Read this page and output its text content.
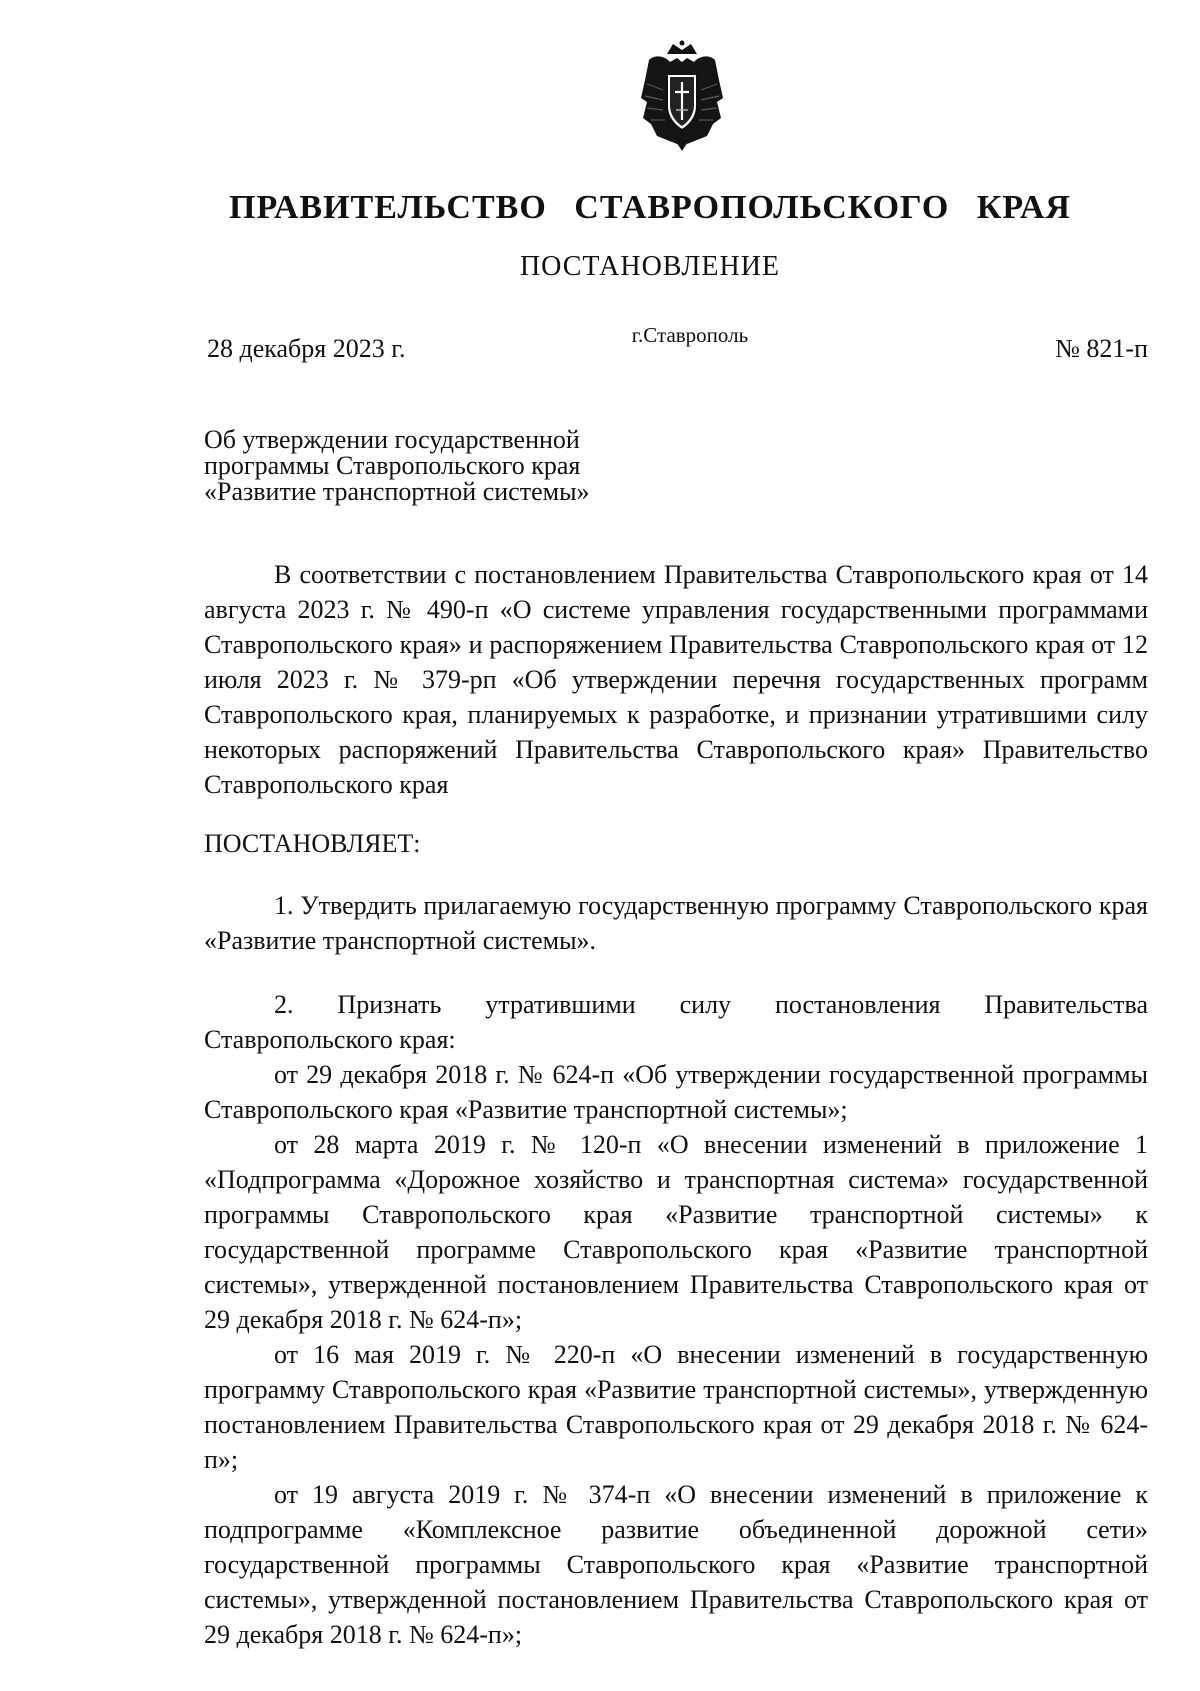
ПРАВИТЕЛЬСТВО СТАВРОПОЛЬСКОГО КРАЯ
ПОСТАНОВЛЕНИЕ
28 декабря 2023 г.	г.Ставрополь	№ 821-п
Об утверждении государственной
программы Ставропольского края
«Развитие транспортной системы»

В соответствии с постановлением Правительства Ставропольского края от 14 августа 2023 г. № 490-п «О системе управления государственными программами Ставропольского края» и распоряжением Правительства Ставропольского края от 12 июля 2023 г. № 379-рп «Об утверждении перечня государственных программ Ставропольского края, планируемых к разработке, и признании утратившими силу некоторых распоряжений Правительства Ставропольского края» Правительство Ставропольского края

ПОСТАНОВЛЯЕТ:

1. Утвердить прилагаемую государственную программу Ставропольского края «Развитие транспортной системы».

2. Признать утратившими силу постановления Правительства Ставропольского края:

от 29 декабря 2018 г. № 624-п «Об утверждении государственной программы Ставропольского края «Развитие транспортной системы»;

от 28 марта 2019 г. № 120-п «О внесении изменений в приложение 1 «Подпрограмма «Дорожное хозяйство и транспортная система» государственной программы Ставропольского края «Развитие транспортной системы» к государственной программе Ставропольского края «Развитие транспортной системы», утвержденной постановлением Правительства Ставропольского края от 29 декабря 2018 г. № 624-п»;

от 16 мая 2019 г. № 220-п «О внесении изменений в государственную программу Ставропольского края «Развитие транспортной системы», утвержденную постановлением Правительства Ставропольского края от 29 декабря 2018 г. № 624-п»;

от 19 августа 2019 г. № 374-п «О внесении изменений в приложение к подпрограмме «Комплексное развитие объединенной дорожной сети» государственной программы Ставропольского края «Развитие транспортной системы», утвержденной постановлением Правительства Ставропольского края от 29 декабря 2018 г. № 624-п»;
